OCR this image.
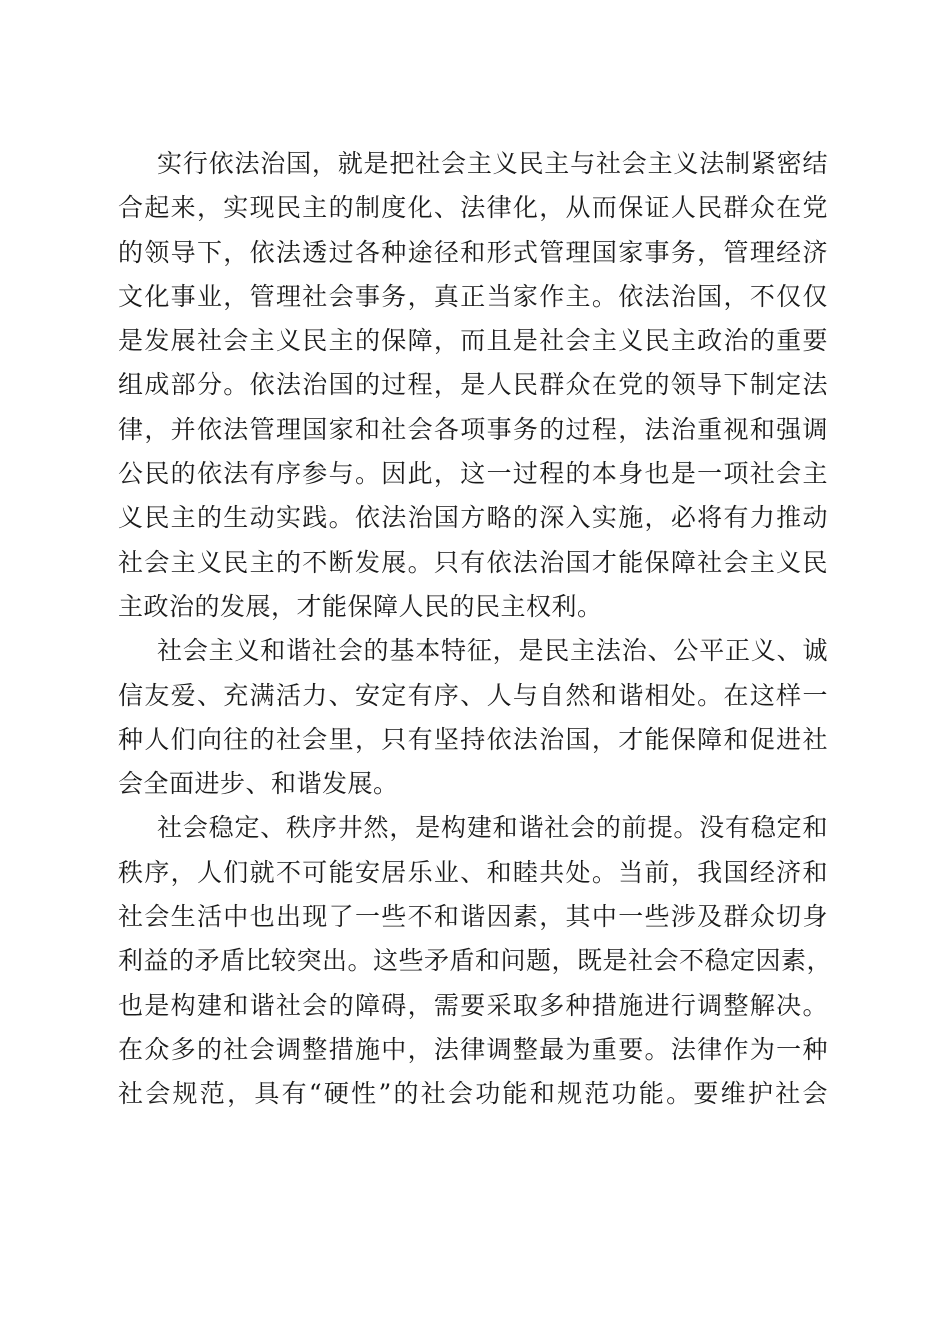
实行依法治国，就是把社会主义民主与社会主义法制紧密结
合起来，实现民主的制度化、法律化，从而保证人民群众在党
的领导下，依法透过各种途径和形式管理国家事务，管理经济
文化事业，管理社会事务，真正当家作主。依法治国，不仅仅
是发展社会主义民主的保障，而且是社会主义民主政治的重要
组成部分。依法治国的过程，是人民群众在党的领导下制定法
律，并依法管理国家和社会各项事务的过程，法治重视和强调
公民的依法有序参与。因此，这一过程的本身也是一项社会主
义民主的生动实践。依法治国方略的深入实施，必将有力推动
社会主义民主的不断发展。只有依法治国才能保障社会主义民
主政治的发展，才能保障人民的民主权利。
社会主义和谐社会的基本特征，是民主法治、公平正义、诚
信友爱、充满活力、安定有序、人与自然和谐相处。在这样一
种人们向往的社会里，只有坚持依法治国，才能保障和促进社
会全面进步、和谐发展。
社会稳定、秩序井然，是构建和谐社会的前提。没有稳定和
秩序，人们就不可能安居乐业、和睦共处。当前，我国经济和
社会生活中也出现了一些不和谐因素，其中一些涉及群众切身
利益的矛盾比较突出。这些矛盾和问题，既是社会不稳定因素，
也是构建和谐社会的障碍，需要采取多种措施进行调整解决。
在众多的社会调整措施中，法律调整最为重要。法律作为一种
社会规范，具有“硬性”的社会功能和规范功能。要维护社会
